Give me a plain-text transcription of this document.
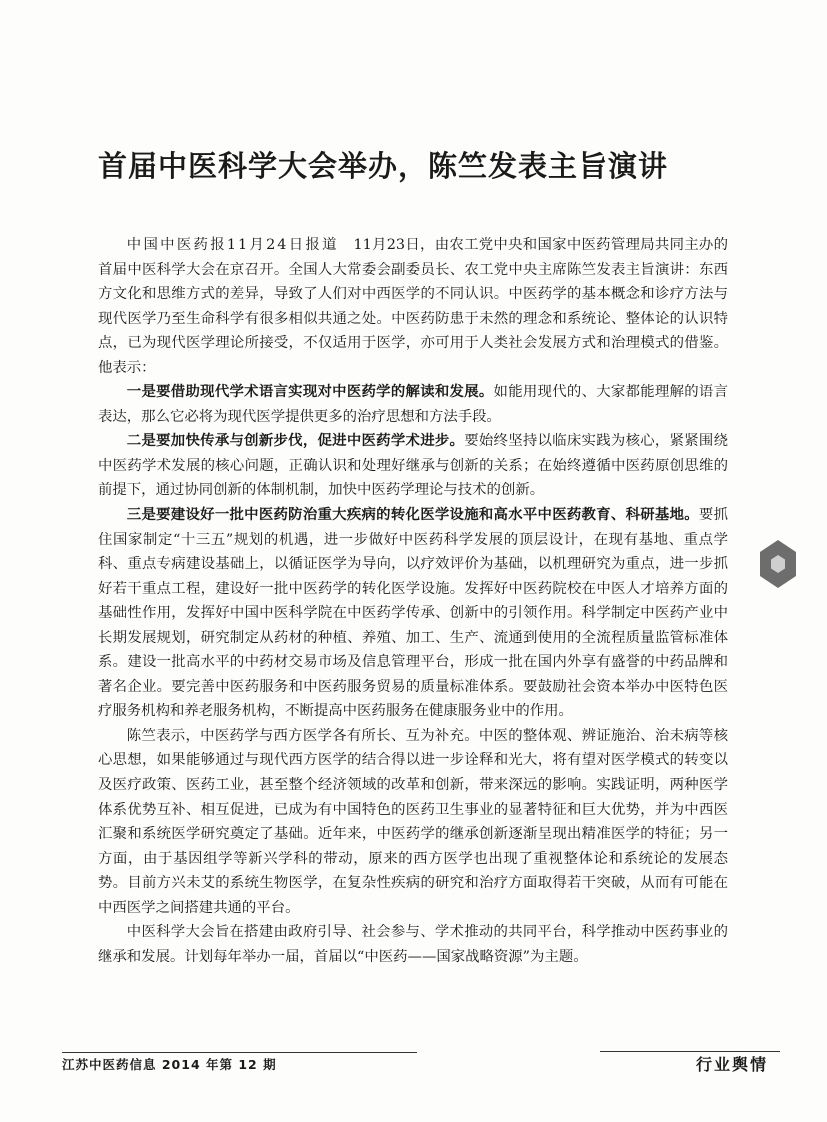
首届中医科学大会举办，陈竺发表主旨演讲

中国中医药报11月24日报道　11月23日，由农工党中央和国家中医药管理局共同主办的首届中医科学大会在京召开。全国人大常委会副委员长、农工党中央主席陈竺发表主旨演讲：东西方文化和思维方式的差异，导致了人们对中西医学的不同认识。中医药学的基本概念和诊疗方法与现代医学乃至生命科学有很多相似共通之处。中医药防患于未然的理念和系统论、整体论的认识特点，已为现代医学理论所接受，不仅适用于医学，亦可用于人类社会发展方式和治理模式的借鉴。他表示：

一是要借助现代学术语言实现对中医药学的解读和发展。如能用现代的、大家都能理解的语言表达，那么它必将为现代医学提供更多的治疗思想和方法手段。

二是要加快传承与创新步伐，促进中医药学术进步。要始终坚持以临床实践为核心，紧紧围绕中医药学术发展的核心问题，正确认识和处理好继承与创新的关系；在始终遵循中医药原创思维的前提下，通过协同创新的体制机制，加快中医药学理论与技术的创新。

三是要建设好一批中医药防治重大疾病的转化医学设施和高水平中医药教育、科研基地。要抓住国家制定“十三五”规划的机遇，进一步做好中医药科学发展的顶层设计，在现有基地、重点学科、重点专病建设基础上，以循证医学为导向，以疗效评价为基础，以机理研究为重点，进一步抓好若干重点工程，建设好一批中医药学的转化医学设施。发挥好中医药院校在中医人才培养方面的基础性作用，发挥好中国中医科学院在中医药学传承、创新中的引领作用。科学制定中医药产业中长期发展规划，研究制定从药材的种植、养殖、加工、生产、流通到使用的全流程质量监管标准体系。建设一批高水平的中药材交易市场及信息管理平台，形成一批在国内外享有盛誉的中药品牌和著名企业。要完善中医药服务和中医药服务贸易的质量标准体系。要鼓励社会资本举办中医特色医疗服务机构和养老服务机构，不断提高中医药服务在健康服务业中的作用。

陈竺表示，中医药学与西方医学各有所长、互为补充。中医的整体观、辨证施治、治未病等核心思想，如果能够通过与现代西方医学的结合得以进一步诠释和光大，将有望对医学模式的转变以及医疗政策、医药工业，甚至整个经济领域的改革和创新，带来深远的影响。实践证明，两种医学体系优势互补、相互促进，已成为有中国特色的医药卫生事业的显著特征和巨大优势，并为中西医汇聚和系统医学研究奠定了基础。近年来，中医药学的继承创新逐渐呈现出精准医学的特征；另一方面，由于基因组学等新兴学科的带动，原来的西方医学也出现了重视整体论和系统论的发展态势。目前方兴未艾的系统生物医学，在复杂性疾病的研究和治疗方面取得若干突破，从而有可能在中西医学之间搭建共通的平台。

中医科学大会旨在搭建由政府引导、社会参与、学术推动的共同平台，科学推动中医药事业的继承和发展。计划每年举办一届，首届以“中医药——国家战略资源”为主题。

江苏中医药信息 2014 年第 12 期	行业舆情
